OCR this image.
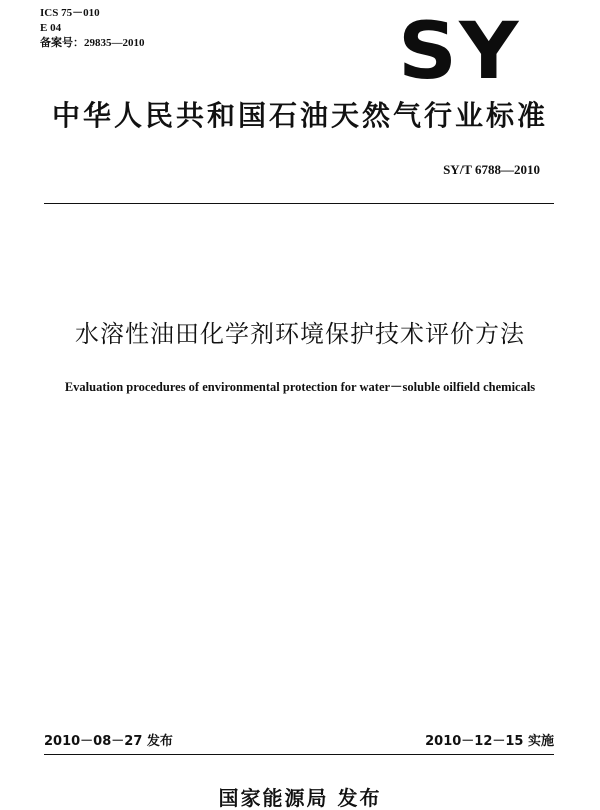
ICS 75－010
E 04
备案号：29835—2010	SY
中华人民共和国石油天然气行业标准
SY/T 6788—2010
水溶性油田化学剂环境保护技术评价方法
Evaluation procedures of environmental protection for water－soluble oilfield chemicals
2010－08－27 发布	2010－12－15 实施
国家能源局 发布
